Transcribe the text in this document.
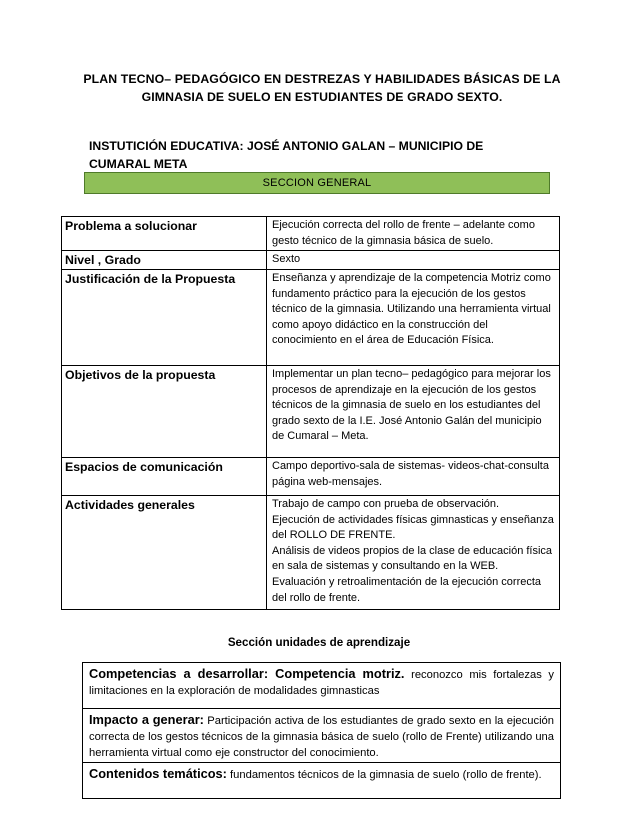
PLAN TECNO– PEDAGÓGICO EN DESTREZAS Y HABILIDADES BÁSICAS DE LA GIMNASIA DE SUELO EN ESTUDIANTES DE GRADO SEXTO.
INSTUTICIÓN EDUCATIVA: JOSÉ ANTONIO GALAN – MUNICIPIO DE CUMARAL META
SECCION GENERAL
Problema a solucionar	Ejecución correcta del rollo de frente – adelante como gesto técnico de la gimnasia básica de suelo.
Nivel , Grado	Sexto
Justificación de la Propuesta	Enseñanza y aprendizaje de la competencia Motriz como fundamento práctico para la ejecución de los gestos técnico de la gimnasia. Utilizando una herramienta virtual como apoyo didáctico en la construcción del conocimiento en el área de Educación Física.
Objetivos de la propuesta	Implementar un plan tecno– pedagógico para mejorar los procesos de aprendizaje en la ejecución de los gestos técnicos de la gimnasia de suelo en los estudiantes del grado sexto de la I.E. José Antonio Galán del municipio de Cumaral – Meta.
Espacios de comunicación	Campo deportivo-sala de sistemas- videos-chat-consulta página web-mensajes.
Actividades generales	Trabajo de campo con prueba de observación.
Ejecución de actividades físicas gimnasticas y enseñanza del ROLLO DE FRENTE.
Análisis de videos propios de la clase de educación física en sala de sistemas y consultando en la WEB.
Evaluación y retroalimentación de la ejecución correcta del rollo de frente.
Sección unidades de aprendizaje
Competencias a desarrollar: Competencia motriz. reconozco mis fortalezas y limitaciones en la exploración de modalidades gimnasticas
Impacto a generar: Participación activa de los estudiantes de grado sexto en la ejecución correcta de los gestos técnicos de la gimnasia básica de suelo (rollo de Frente) utilizando una herramienta virtual como eje constructor del conocimiento.
Contenidos temáticos: fundamentos técnicos de la gimnasia de suelo (rollo de frente).
